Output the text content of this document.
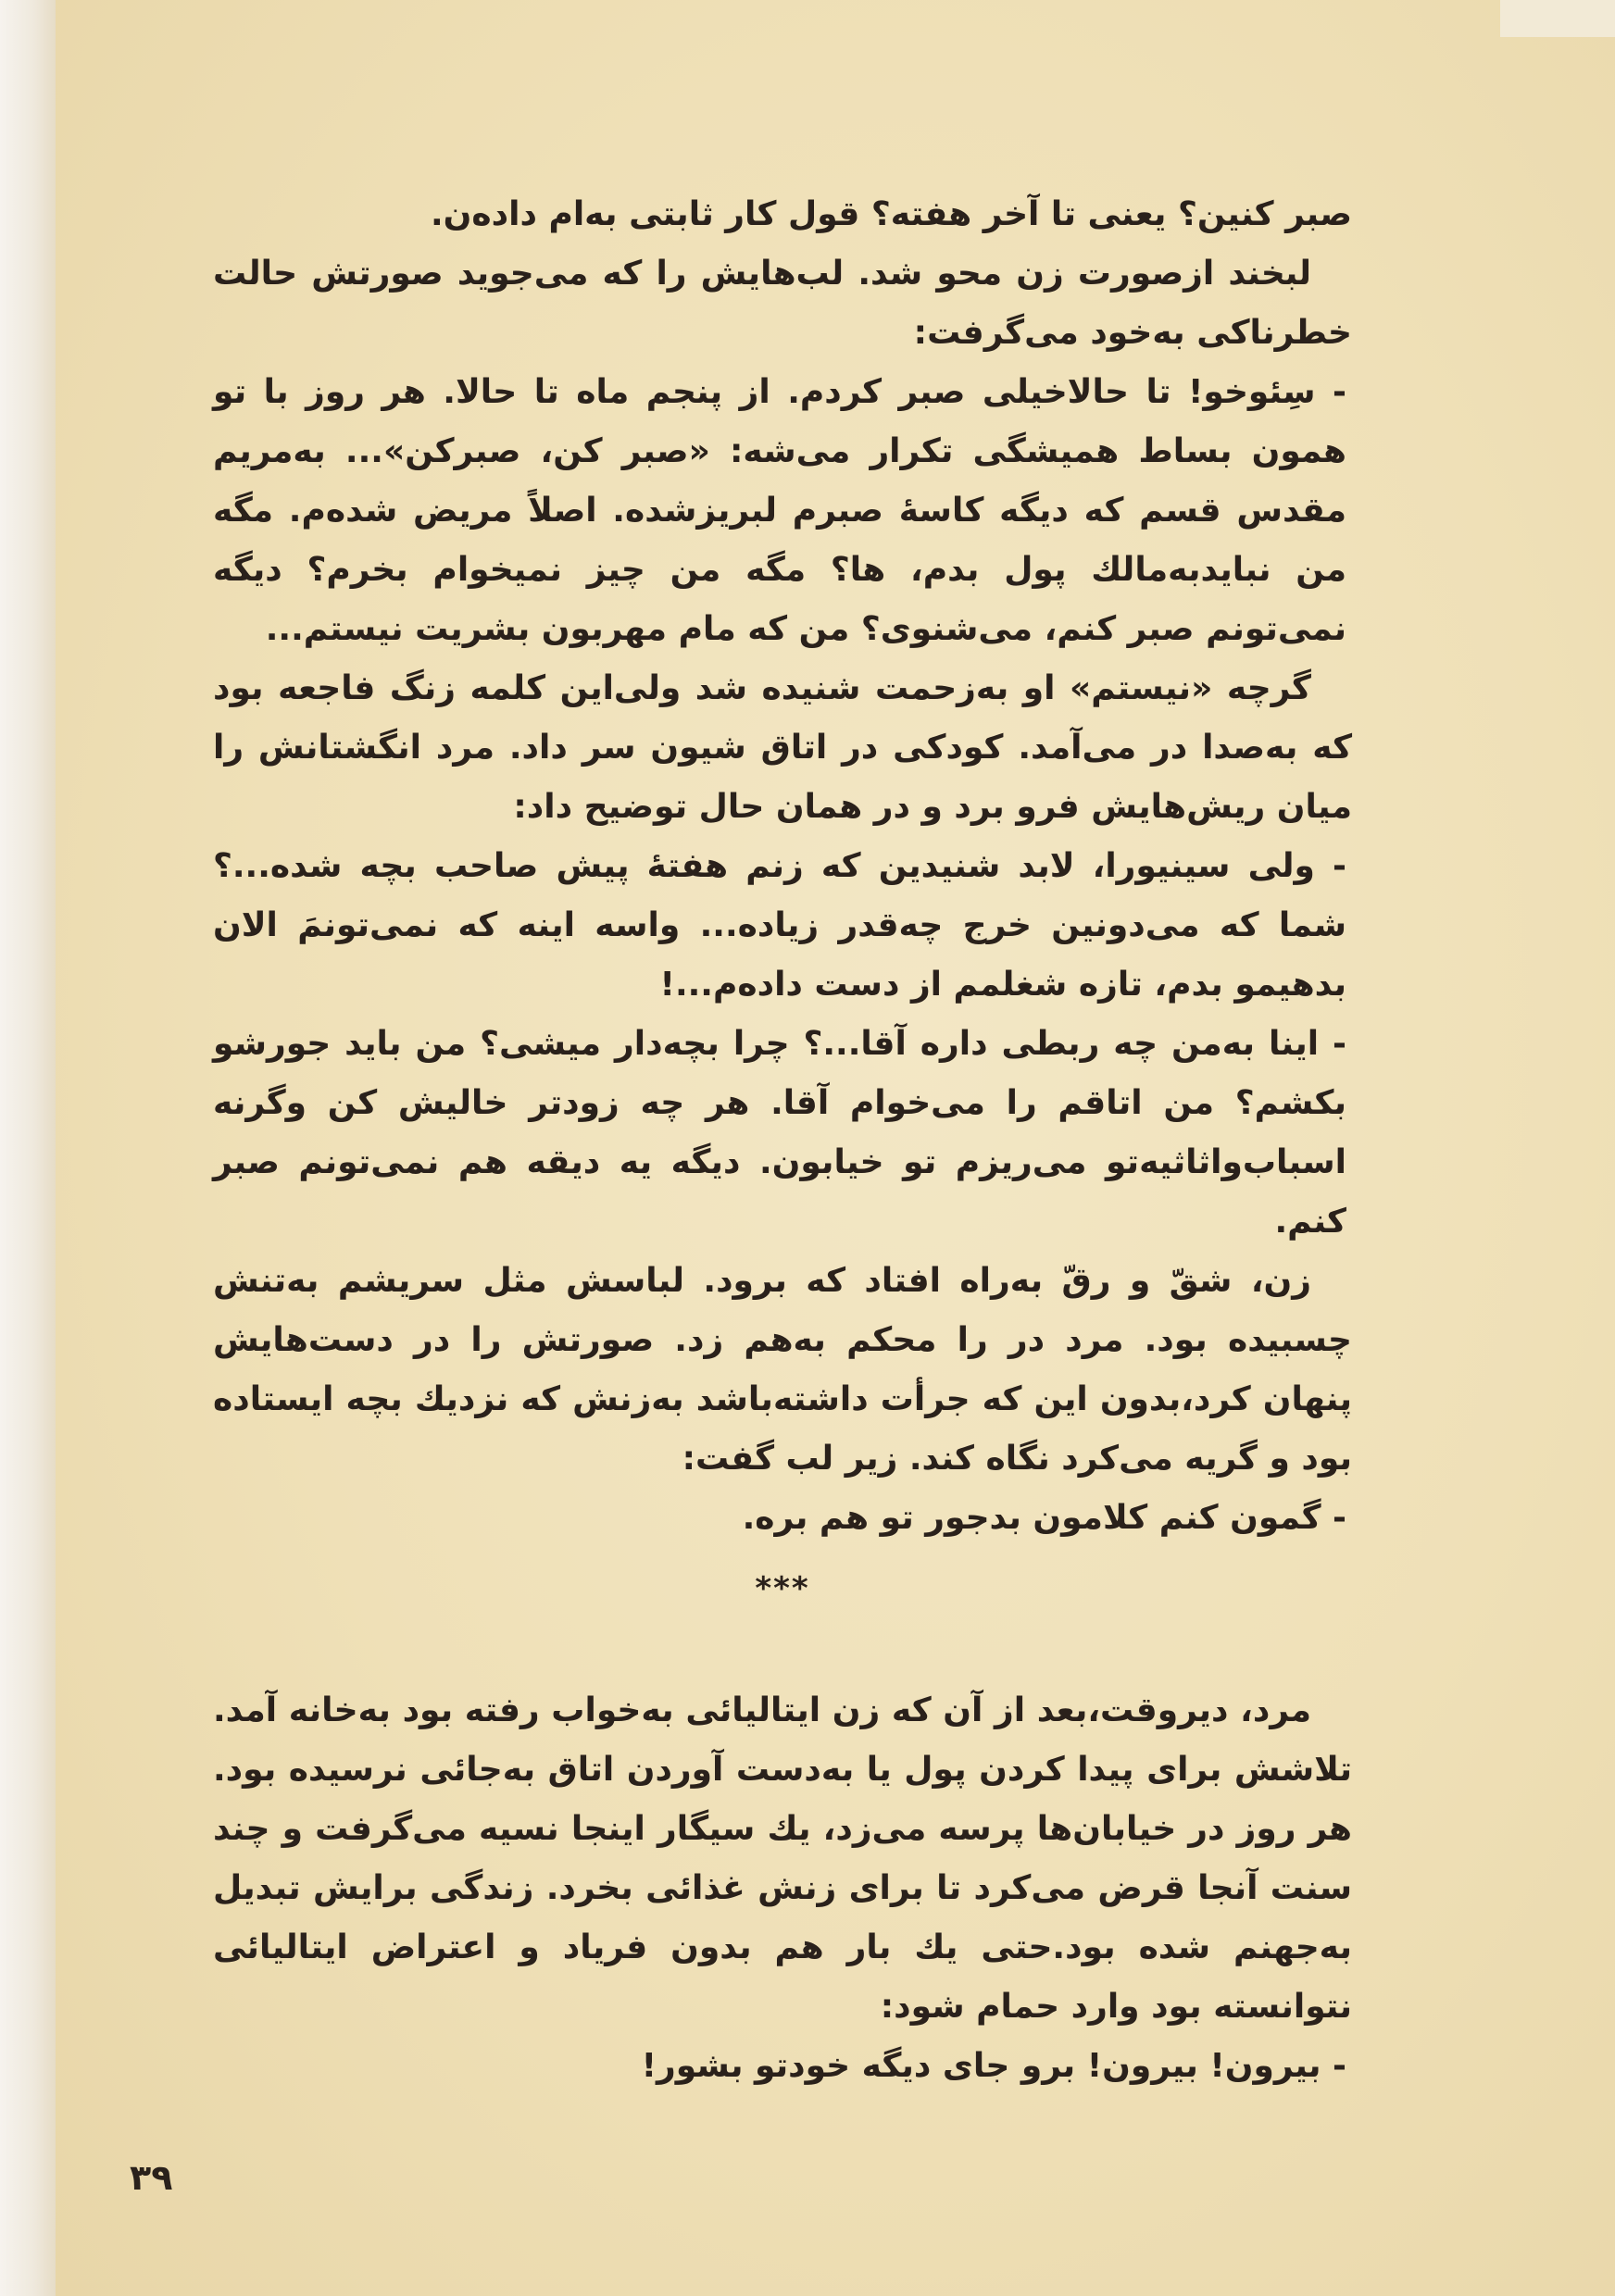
صبر کنین؟ یعنی تا آخر هفته؟ قول کار ثابتی به‌ام داده‌ن.

لبخند ازصورت زن محو شد. لب‌هایش را که می‌جوید صورتش حالت خطرناکی به‌خود می‌گرفت:

- سِئوخو! تا حالاخیلی صبر کردم. از پنجم ماه تا حالا. هر روز با تو همون بساط همیشگی تکرار می‌شه: «صبر کن، صبرکن»... به‌مریم مقدس قسم که دیگه کاسهٔ صبرم لبریزشده. اصلاً مریض شده‌م. مگه من نبایدبه‌مالك پول بدم، ها؟ مگه من چیز نمیخوام بخرم؟ دیگه نمی‌تونم صبر کنم، می‌شنوی؟ من که مام مهربون بشریت نیستم...

گرچه «نیستم» او به‌زحمت شنیده شد ولی‌این کلمه زنگ فاجعه بود که به‌صدا در می‌آمد. کودکی در اتاق شیون سر داد. مرد انگشتانش را میان ریش‌هایش فرو برد و در همان حال توضیح داد:

- ولی سینیورا، لابد شنیدین که زنم هفتهٔ پیش صاحب بچه شده...؟ شما که می‌دونین خرج چه‌قدر زیاده... واسه اینه که نمی‌تونمَ الان بدهیمو بدم، تازه شغلمم از دست داده‌م...!

- اینا به‌من چه ربطی داره آقا...؟ چرا بچه‌دار میشی؟ من باید جورشو بکشم؟ من اتاقم را می‌خوام آقا. هر چه زودتر خالیش کن وگرنه اسباب‌واثاثیه‌تو می‌ریزم تو خیابون. دیگه یه دیقه هم نمی‌تونم صبر کنم.

زن، شقّ و رقّ به‌راه افتاد که برود. لباسش مثل سریشم به‌تنش چسبیده بود. مرد در را محکم به‌هم زد. صورتش را در دست‌هایش پنهان کرد،بدون این که جرأت داشته‌باشد به‌زنش که نزدیك بچه ایستاده بود و گریه می‌کرد نگاه کند. زیر لب گفت:

- گمون کنم کلامون بدجور تو هم بره.

***

مرد، دیروقت،بعد از آن که زن ایتالیائی به‌خواب رفته بود به‌خانه آمد. تلاشش برای پیدا کردن پول یا به‌دست آوردن اتاق به‌جائی نرسیده بود. هر روز در خیابان‌ها پرسه می‌زد، یك سیگار اینجا نسیه می‌گرفت و چند سنت آنجا قرض می‌کرد تا برای زنش غذائی بخرد. زندگی برایش تبدیل به‌جهنم شده بود.حتی یك بار هم بدون فریاد و اعتراض ایتالیائی نتوانسته بود وارد حمام شود:

- بیرون! بیرون! برو جای دیگه خودتو بشور!

۳۹
